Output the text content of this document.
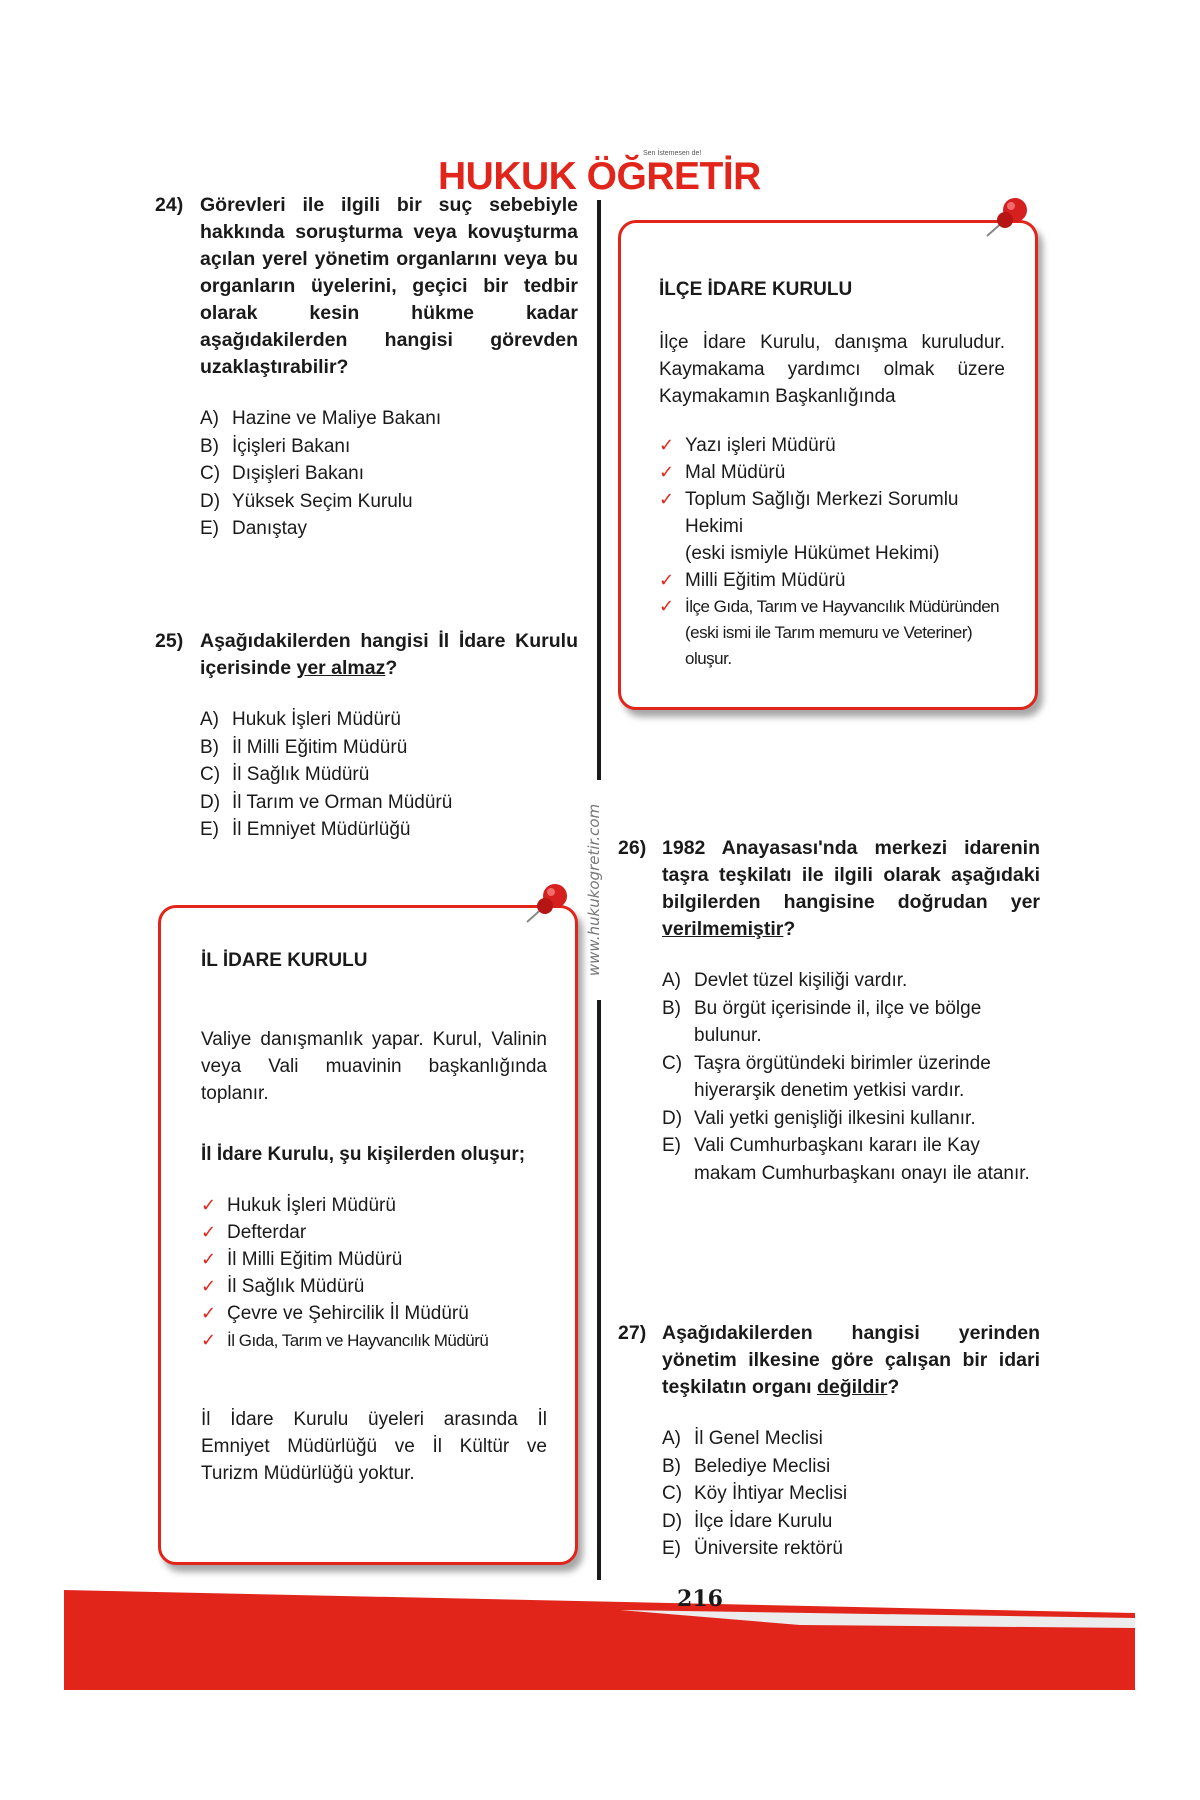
HUKUK ÖĞRETİR
Sen İstemesen de!
www.hukukogretir.com
24) Görevleri ile ilgili bir suç sebebiyle hakkında soruşturma veya kovuşturma açılan yerel yönetim organlarını veya bu organların üyelerini, geçici bir tedbir olarak kesin hükme kadar aşağıdakilerden hangisi görevden uzaklaştırabilir?
A) Hazine ve Maliye Bakanı
B) İçişleri Bakanı
C) Dışişleri Bakanı
D) Yüksek Seçim Kurulu
E) Danıştay
25) Aşağıdakilerden hangisi İl İdare Kurulu içerisinde yer almaz?
A) Hukuk İşleri Müdürü
B) İl Milli Eğitim Müdürü
C) İl Sağlık Müdürü
D) İl Tarım ve Orman Müdürü
E) İl Emniyet Müdürlüğü
İLÇE İDARE KURULU
İlçe İdare Kurulu, danışma kuruludur. Kaymakama yardımcı olmak üzere Kaymakamın Başkanlığında
✓ Yazı işleri Müdürü
✓ Mal Müdürü
✓ Toplum Sağlığı Merkezi Sorumlu Hekimi
(eski ismiyle Hükümet Hekimi)
✓ Milli Eğitim Müdürü
✓ İlçe Gıda, Tarım ve Hayvancılık Müdüründen (eski ismi ile Tarım memuru ve Veteriner) oluşur.
26) 1982 Anayasası'nda merkezi idarenin taşra teşkilatı ile ilgili olarak aşağıdaki bilgilerden hangisine doğrudan yer verilmemiştir?
A) Devlet tüzel kişiliği vardır.
B) Bu örgüt içerisinde il, ilçe ve bölge bulunur.
C) Taşra örgütündeki birimler üzerinde hiyerarşik denetim yetkisi vardır.
D) Vali yetki genişliği ilkesini kullanır.
E) Vali Cumhurbaşkanı kararı ile Kay makam Cumhurbaşkanı onayı ile atanır.
İL İDARE KURULU
Valiye danışmanlık yapar. Kurul, Valinin veya Vali muavinin başkanlığında toplanır.
İl İdare Kurulu, şu kişilerden oluşur;
✓ Hukuk İşleri Müdürü
✓ Defterdar
✓ İl Milli Eğitim Müdürü
✓ İl Sağlık Müdürü
✓ Çevre ve Şehircilik İl Müdürü
✓ İl Gıda, Tarım ve Hayvancılık Müdürü
İl İdare Kurulu üyeleri arasında İl Emniyet Müdürlüğü ve İl Kültür ve Turizm Müdürlüğü yoktur.
27) Aşağıdakilerden hangisi yerinden yönetim ilkesine göre çalışan bir idari teşkilatın organı değildir?
A) İl Genel Meclisi
B) Belediye Meclisi
C) Köy İhtiyar Meclisi
D) İlçe İdare Kurulu
E) Üniversite rektörü
216
